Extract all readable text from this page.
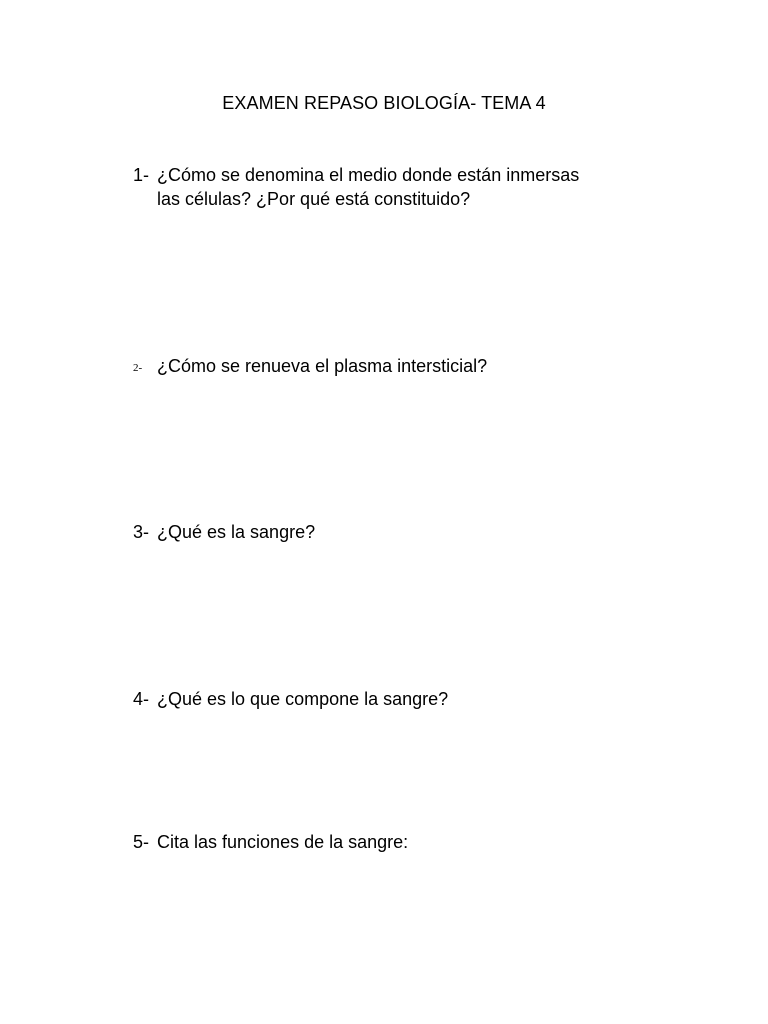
EXAMEN REPASO BIOLOGÍA- TEMA 4
1- ¿Cómo se denomina el medio donde están inmersas
las células? ¿Por qué está constituido?
2- ¿Cómo se renueva el plasma intersticial?
3- ¿Qué es la sangre?
4- ¿Qué es lo que compone la sangre?
5- Cita las funciones de la sangre:
